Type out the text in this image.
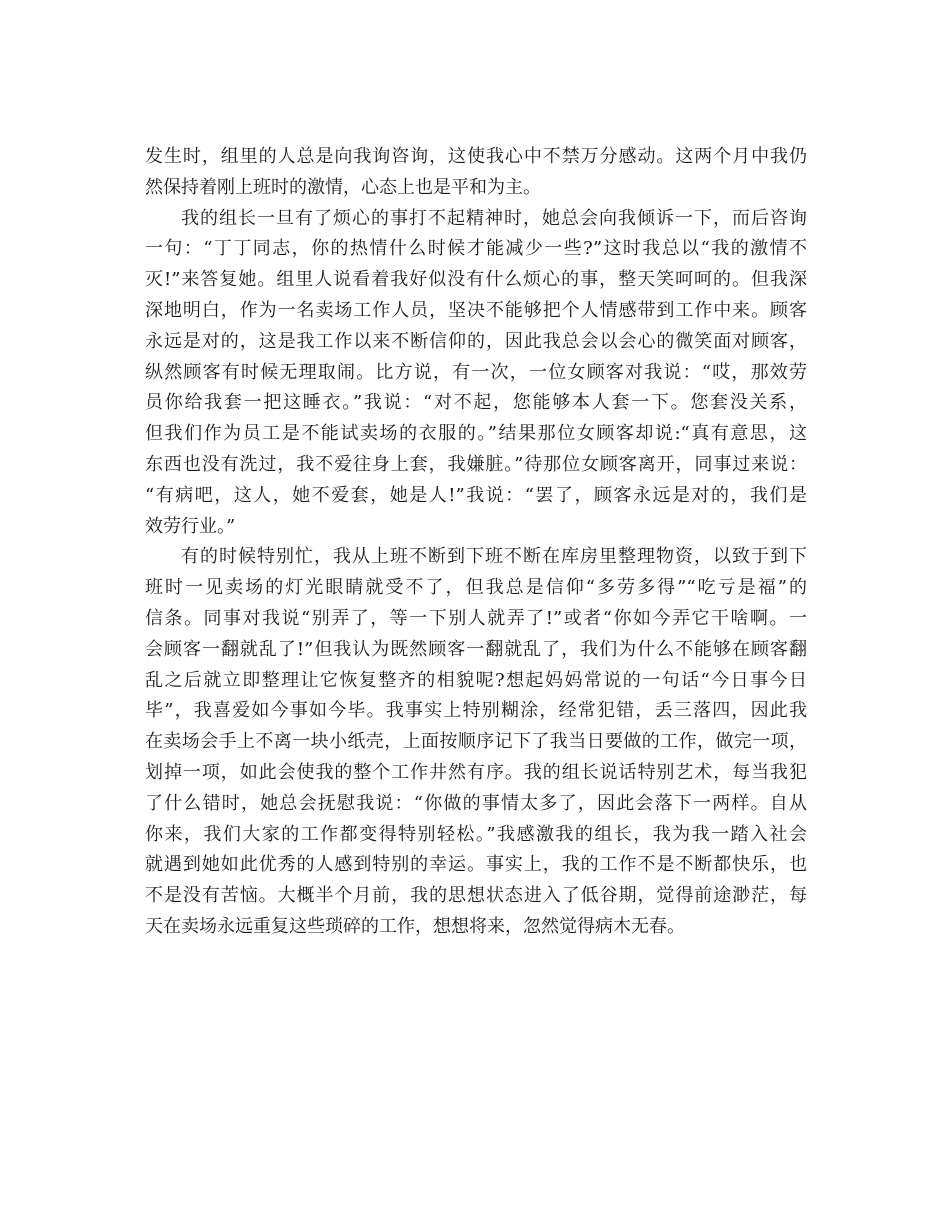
发生时，组里的人总是向我询咨询，这使我心中不禁万分感动。这两个月中我仍
然保持着刚上班时的激情，心态上也是平和为主。
我的组长一旦有了烦心的事打不起精神时，她总会向我倾诉一下，而后咨询
一句：“丁丁同志，你的热情什么时候才能减少一些?”这时我总以“我的激情不
灭!”来答复她。组里人说看着我好似没有什么烦心的事，整天笑呵呵的。但我深
深地明白，作为一名卖场工作人员，坚决不能够把个人情感带到工作中来。顾客
永远是对的，这是我工作以来不断信仰的，因此我总会以会心的微笑面对顾客，
纵然顾客有时候无理取闹。比方说，有一次，一位女顾客对我说：“哎，那效劳
员你给我套一把这睡衣。”我说：“对不起，您能够本人套一下。您套没关系，
但我们作为员工是不能试卖场的衣服的。”结果那位女顾客却说:“真有意思，这
东西也没有洗过，我不爱往身上套，我嫌脏。”待那位女顾客离开，同事过来说：
“有病吧，这人，她不爱套，她是人!”我说：“罢了，顾客永远是对的，我们是
效劳行业。”
有的时候特别忙，我从上班不断到下班不断在库房里整理物资，以致于到下
班时一见卖场的灯光眼睛就受不了，但我总是信仰“多劳多得”“吃亏是福”的
信条。同事对我说“别弄了，等一下别人就弄了!”或者“你如今弄它干啥啊。一
会顾客一翻就乱了!”但我认为既然顾客一翻就乱了，我们为什么不能够在顾客翻
乱之后就立即整理让它恢复整齐的相貌呢?想起妈妈常说的一句话“今日事今日
毕”，我喜爱如今事如今毕。我事实上特别糊涂，经常犯错，丢三落四，因此我
在卖场会手上不离一块小纸壳，上面按顺序记下了我当日要做的工作，做完一项，
划掉一项，如此会使我的整个工作井然有序。我的组长说话特别艺术，每当我犯
了什么错时，她总会抚慰我说：“你做的事情太多了，因此会落下一两样。自从
你来，我们大家的工作都变得特别轻松。”我感激我的组长，我为我一踏入社会
就遇到她如此优秀的人感到特别的幸运。事实上，我的工作不是不断都快乐，也
不是没有苦恼。大概半个月前，我的思想状态进入了低谷期，觉得前途渺茫，每
天在卖场永远重复这些琐碎的工作，想想将来，忽然觉得病木无春。
